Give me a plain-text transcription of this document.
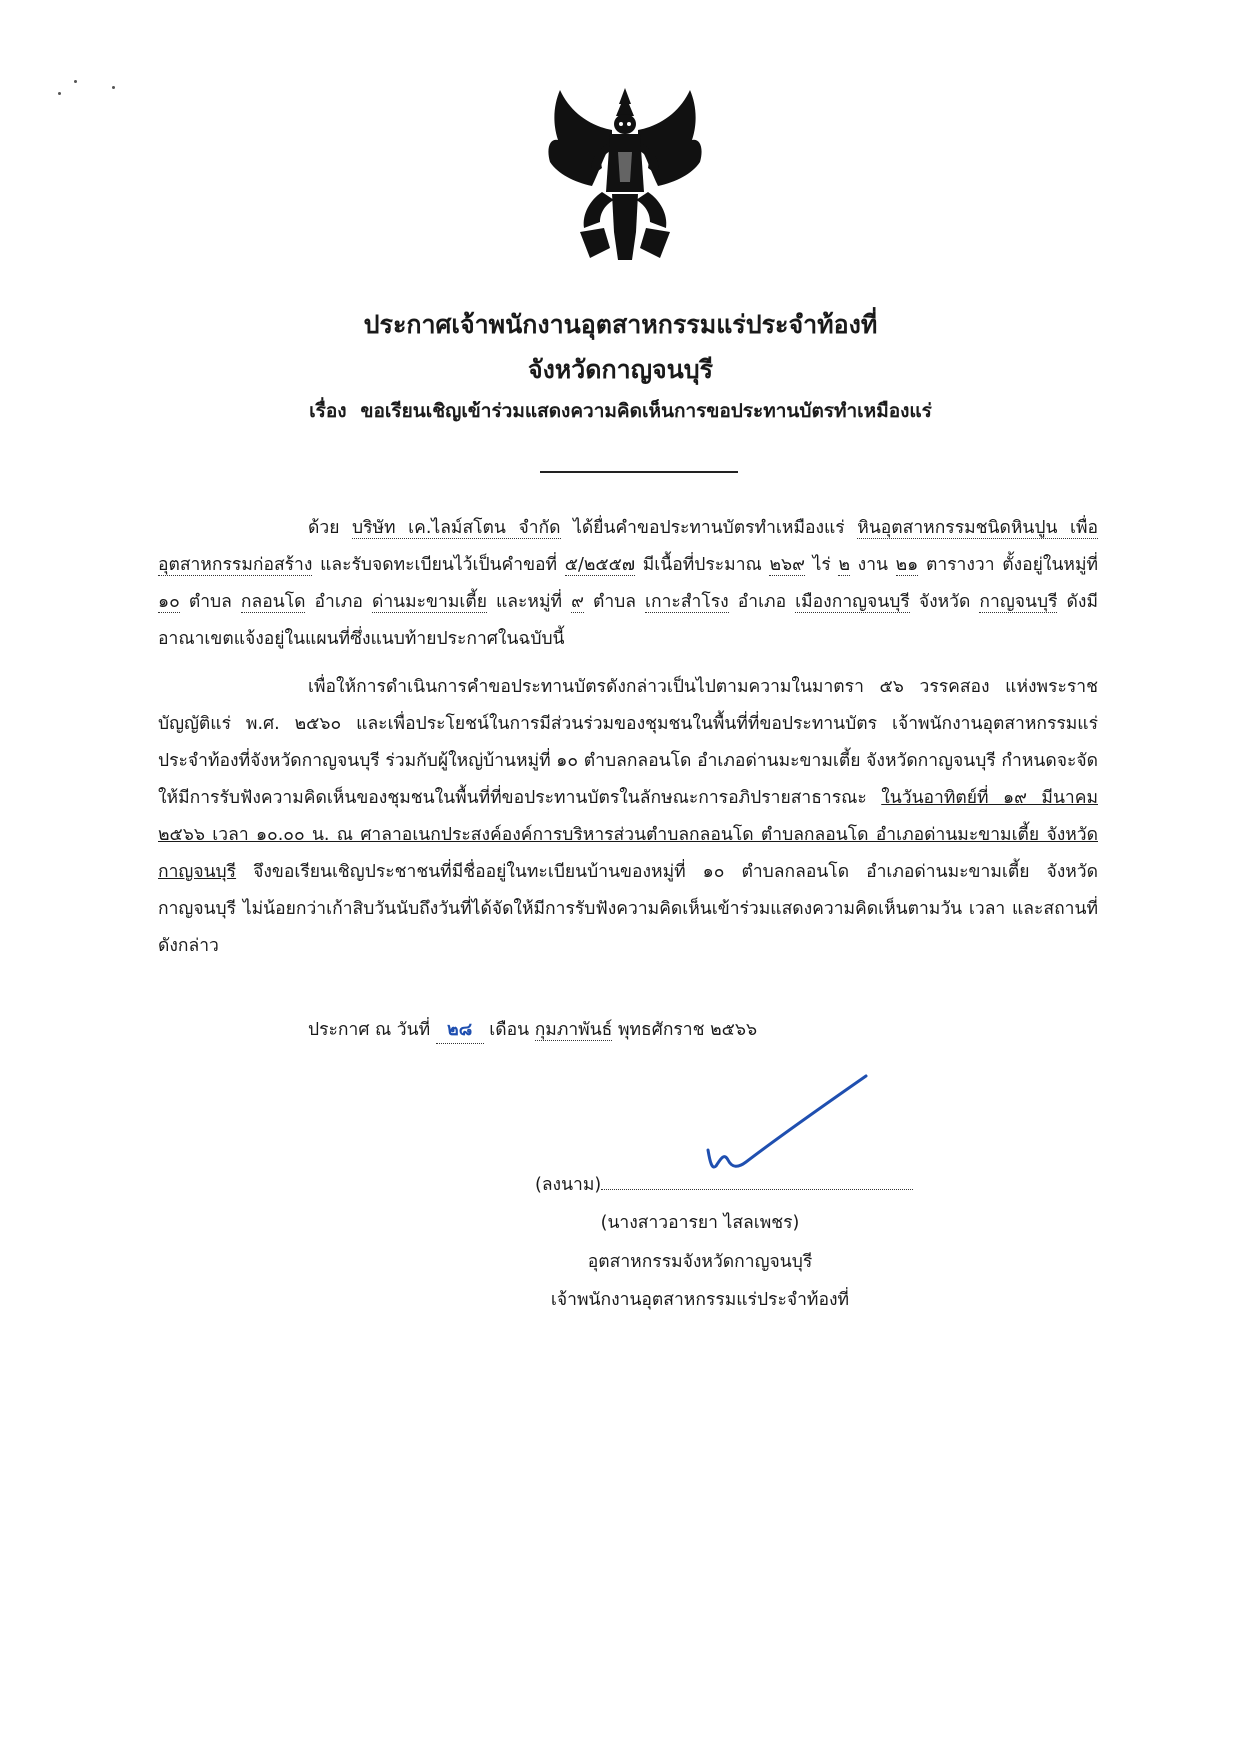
ประกาศเจ้าพนักงานอุตสาหกรรมแร่ประจำท้องที่
จังหวัดกาญจนบุรี
เรื่อง ขอเรียนเชิญเข้าร่วมแสดงความคิดเห็นการขอประทานบัตรทำเหมืองแร่

ด้วย บริษัท เค.ไลม์สโตน จำกัด ได้ยื่นคำขอประทานบัตรทำเหมืองแร่ หินอุตสาหกรรมชนิดหินปูน เพื่ออุตสาหกรรมก่อสร้าง และรับจดทะเบียนไว้เป็นคำขอที่ ๕/๒๕๕๗ มีเนื้อที่ประมาณ ๒๖๙ ไร่ ๒ งาน ๒๑ ตารางวา ตั้งอยู่ในหมู่ที่ ๑๐ ตำบล กลอนโด อำเภอ ด่านมะขามเตี้ย และหมู่ที่ ๙ ตำบล เกาะสำโรง อำเภอ เมืองกาญจนบุรี จังหวัด กาญจนบุรี ดังมีอาณาเขตแจ้งอยู่ในแผนที่ซึ่งแนบท้ายประกาศในฉบับนี้

เพื่อให้การดำเนินการคำขอประทานบัตรดังกล่าวเป็นไปตามความในมาตรา ๕๖ วรรคสอง แห่งพระราชบัญญัติแร่ พ.ศ. ๒๕๖๐ และเพื่อประโยชน์ในการมีส่วนร่วมของชุมชนในพื้นที่ที่ขอประทานบัตร เจ้าพนักงานอุตสาหกรรมแร่ประจำท้องที่จังหวัดกาญจนบุรี ร่วมกับผู้ใหญ่บ้านหมู่ที่ ๑๐ ตำบลกลอนโด อำเภอด่านมะขามเตี้ย จังหวัดกาญจนบุรี กำหนดจะจัดให้มีการรับฟังความคิดเห็นของชุมชนในพื้นที่ที่ขอประทานบัตรในลักษณะการอภิปรายสาธารณะ ในวันอาทิตย์ที่ ๑๙ มีนาคม ๒๕๖๖ เวลา ๑๐.๐๐ น. ณ ศาลาอเนกประสงค์องค์การบริหารส่วนตำบลกลอนโด ตำบลกลอนโด อำเภอด่านมะขามเตี้ย จังหวัดกาญจนบุรี จึงขอเรียนเชิญประชาชนที่มีชื่ออยู่ในทะเบียนบ้านของหมู่ที่ ๑๐ ตำบลกลอนโด อำเภอด่านมะขามเตี้ย จังหวัดกาญจนบุรี ไม่น้อยกว่าเก้าสิบวันนับถึงวันที่ได้จัดให้มีการรับฟังความคิดเห็นเข้าร่วมแสดงความคิดเห็นตามวัน เวลา และสถานที่ดังกล่าว

ประกาศ ณ วันที่ ๒๘ เดือน กุมภาพันธ์ พุทธศักราช ๒๕๖๖
(ลงนาม)
(นางสาวอารยา ไสลเพชร)
อุตสาหกรรมจังหวัดกาญจนบุรี
เจ้าพนักงานอุตสาหกรรมแร่ประจำท้องที่
